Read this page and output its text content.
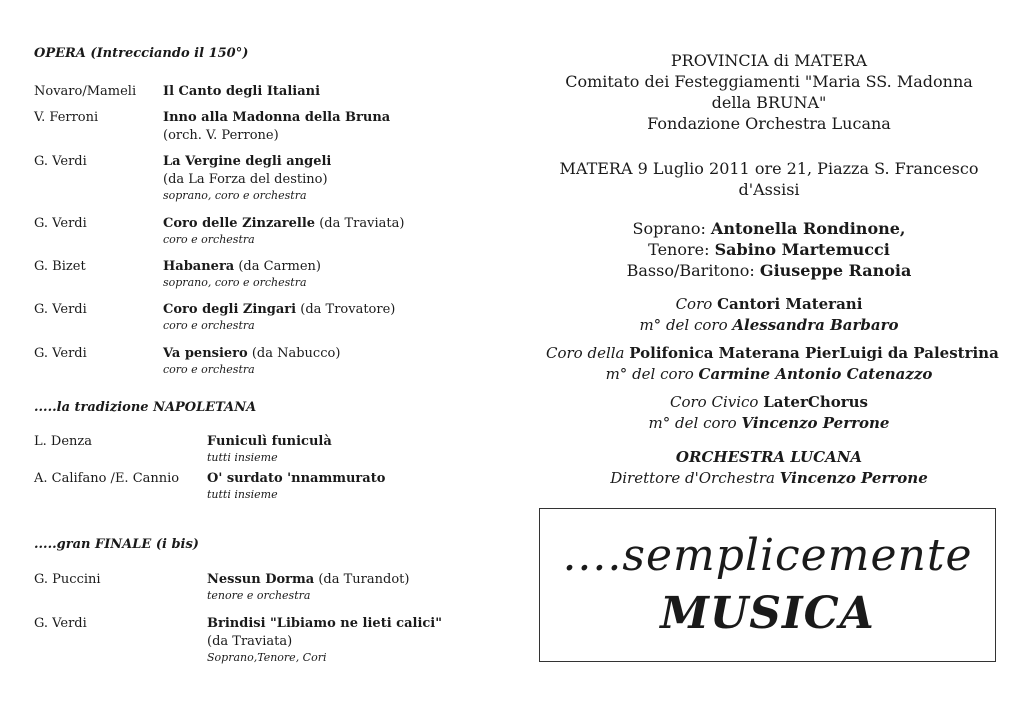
OPERA (Intrecciando il 150°)

Novaro/Mameli	Il Canto degli Italiani
V. Ferroni	Inno alla Madonna della Bruna
(orch. V. Perrone)
G. Verdi	La Vergine degli angeli
(da La Forza del destino)
soprano, coro e orchestra
G. Verdi	Coro delle Zinzarelle (da Traviata)
coro e orchestra
G. Bizet	Habanera (da Carmen)
soprano, coro e orchestra
G. Verdi	Coro degli Zingari (da Trovatore)
coro e orchestra
G. Verdi	Va pensiero (da Nabucco)
coro e orchestra

.....la tradizione NAPOLETANA

L. Denza	Funiculì funiculà
tutti insieme
A. Califano /E. Cannio	O' surdato 'nnammurato
tutti insieme

.....gran FINALE (i bis)

G. Puccini	Nessun Dorma (da Turandot)
tenore e orchestra
G. Verdi	Brindisi "Libiamo ne lieti calici"
(da Traviata)
Soprano,Tenore, Cori
PROVINCIA di MATERA
Comitato dei Festeggiamenti "Maria SS. Madonna
della BRUNA"
Fondazione Orchestra Lucana
MATERA 9 Luglio 2011 ore 21, Piazza S. Francesco
d'Assisi
Soprano: Antonella Rondinone,
Tenore: Sabino Martemucci
Basso/Baritono: Giuseppe Ranoia
Coro Cantori Materani
m° del coro Alessandra Barbaro
Coro della Polifonica Materana PierLuigi da Palestrina
m° del coro Carmine Antonio Catenazzo
Coro Civico LaterChorus
m° del coro Vincenzo Perrone
ORCHESTRA LUCANA
Direttore d'Orchestra Vincenzo Perrone
....semplicemente
MUSICA
